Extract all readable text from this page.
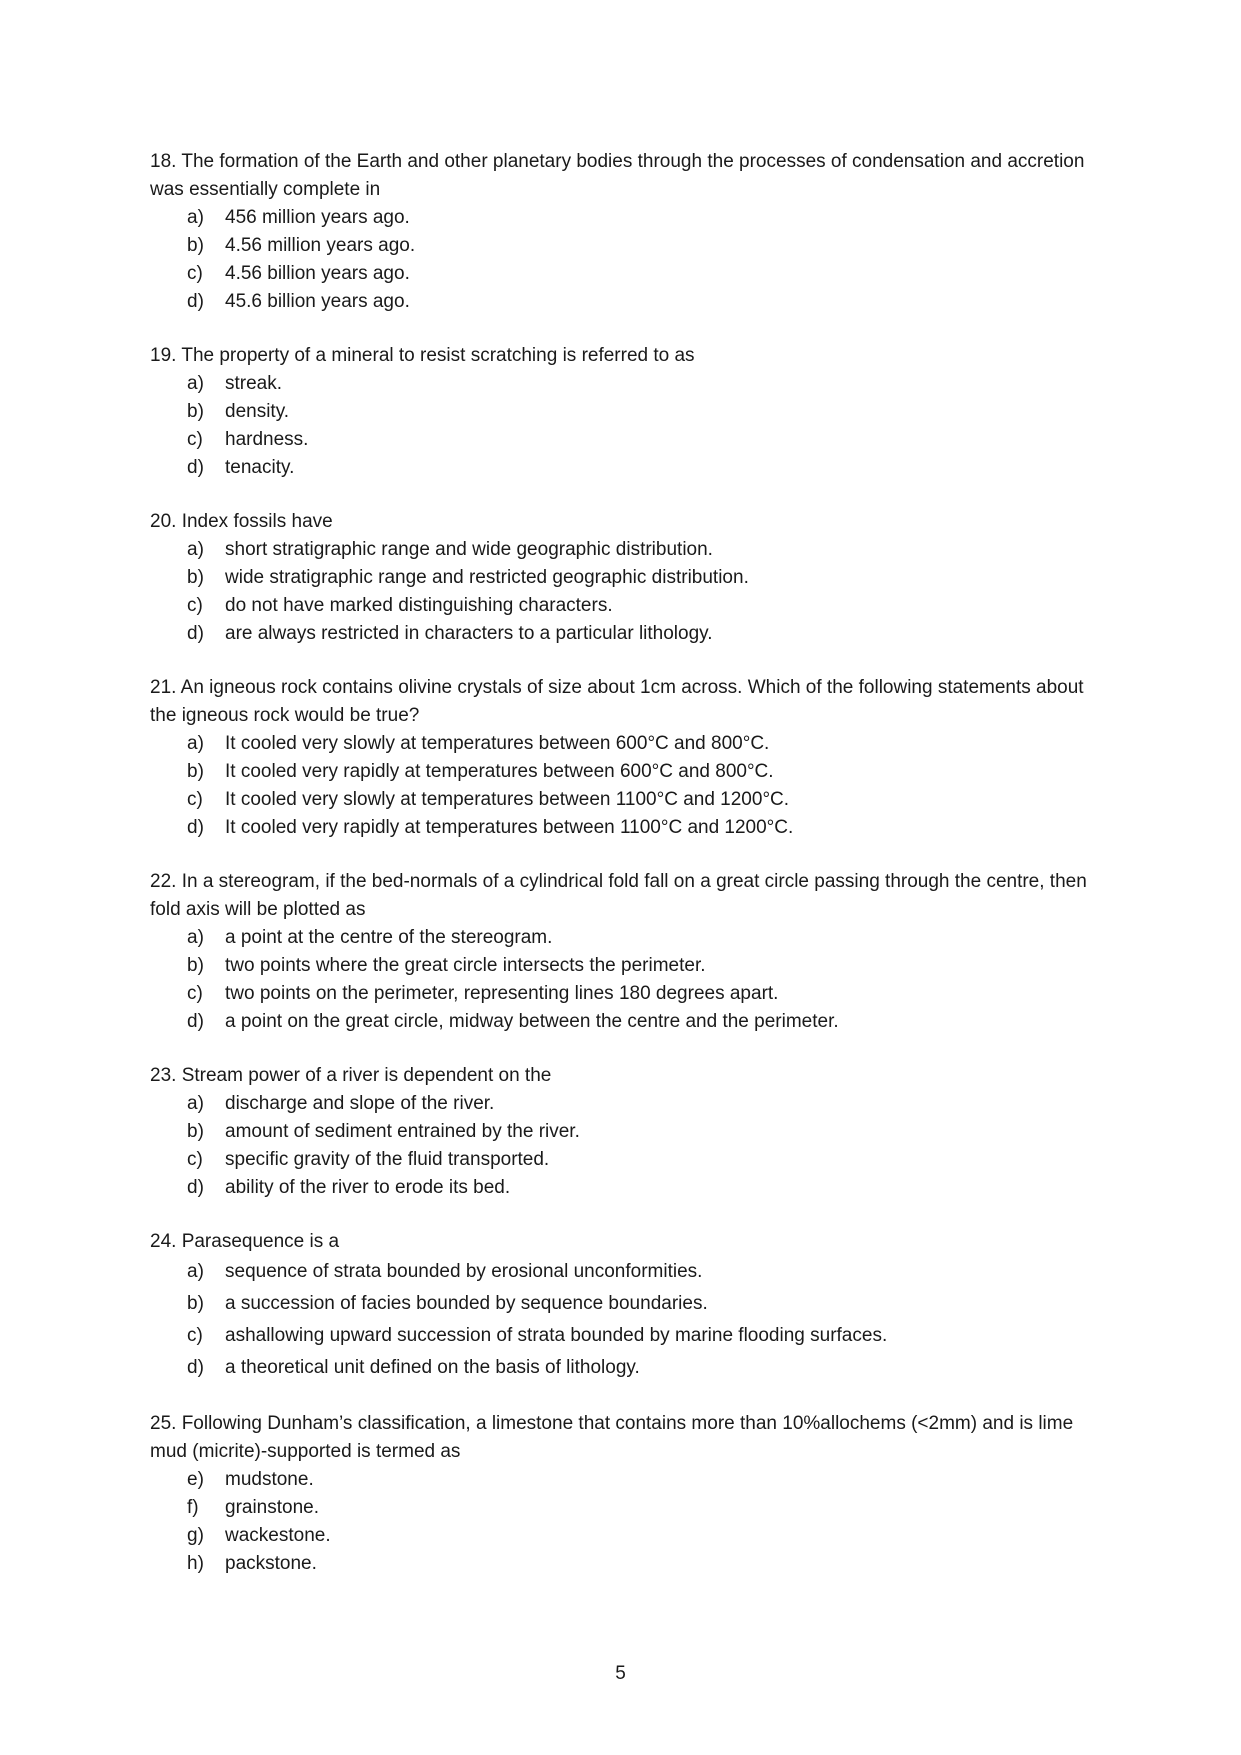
18. The formation of the Earth and other planetary bodies through the processes of condensation and accretion was essentially complete in

a)	456 million years ago.
b)	4.56 million years ago.
c)	4.56 billion years ago.
d)	45.6 billion years ago.

19. The property of a mineral to resist scratching is referred to as

a)	streak.
b)	density.
c)	hardness.
d)	tenacity.

20. Index fossils have

a)	short stratigraphic range and wide geographic distribution.
b)	wide stratigraphic range and restricted geographic distribution.
c)	do not have marked distinguishing characters.
d)	are always restricted in characters to a particular lithology.

21. An igneous rock contains olivine crystals of size about 1cm across. Which of the following statements about the igneous rock would be true?

a)	It cooled very slowly at temperatures between 600°C and 800°C.
b)	It cooled very rapidly at temperatures between 600°C and 800°C.
c)	It cooled very slowly at temperatures between 1100°C and 1200°C.
d)	It cooled very rapidly at temperatures between 1100°C and 1200°C.

22. In a stereogram, if the bed-normals of a cylindrical fold fall on a great circle passing through the centre, then fold axis will be plotted as

a)	a point at the centre of the stereogram.
b)	two points where the great circle intersects the perimeter.
c)	two points on the perimeter, representing lines 180 degrees apart.
d)	a point on the great circle, midway between the centre and the perimeter.

23. Stream power of a river is dependent on the

a)	discharge and slope of the river.
b)	amount of sediment entrained by the river.
c)	specific gravity of the fluid transported.
d)	ability of the river to erode its bed.

24. Parasequence is a

a)	sequence of strata bounded by erosional unconformities.
b)	a succession of facies bounded by sequence boundaries.
c)	ashallowing upward succession of strata bounded by marine flooding surfaces.
d)	a theoretical unit defined on the basis of lithology.

25. Following Dunham’s classification, a limestone that contains more than 10%allochems (<2mm) and is lime mud (micrite)-supported is termed as

e)	mudstone.
f)	grainstone.
g)	wackestone.
h)	packstone.
5
